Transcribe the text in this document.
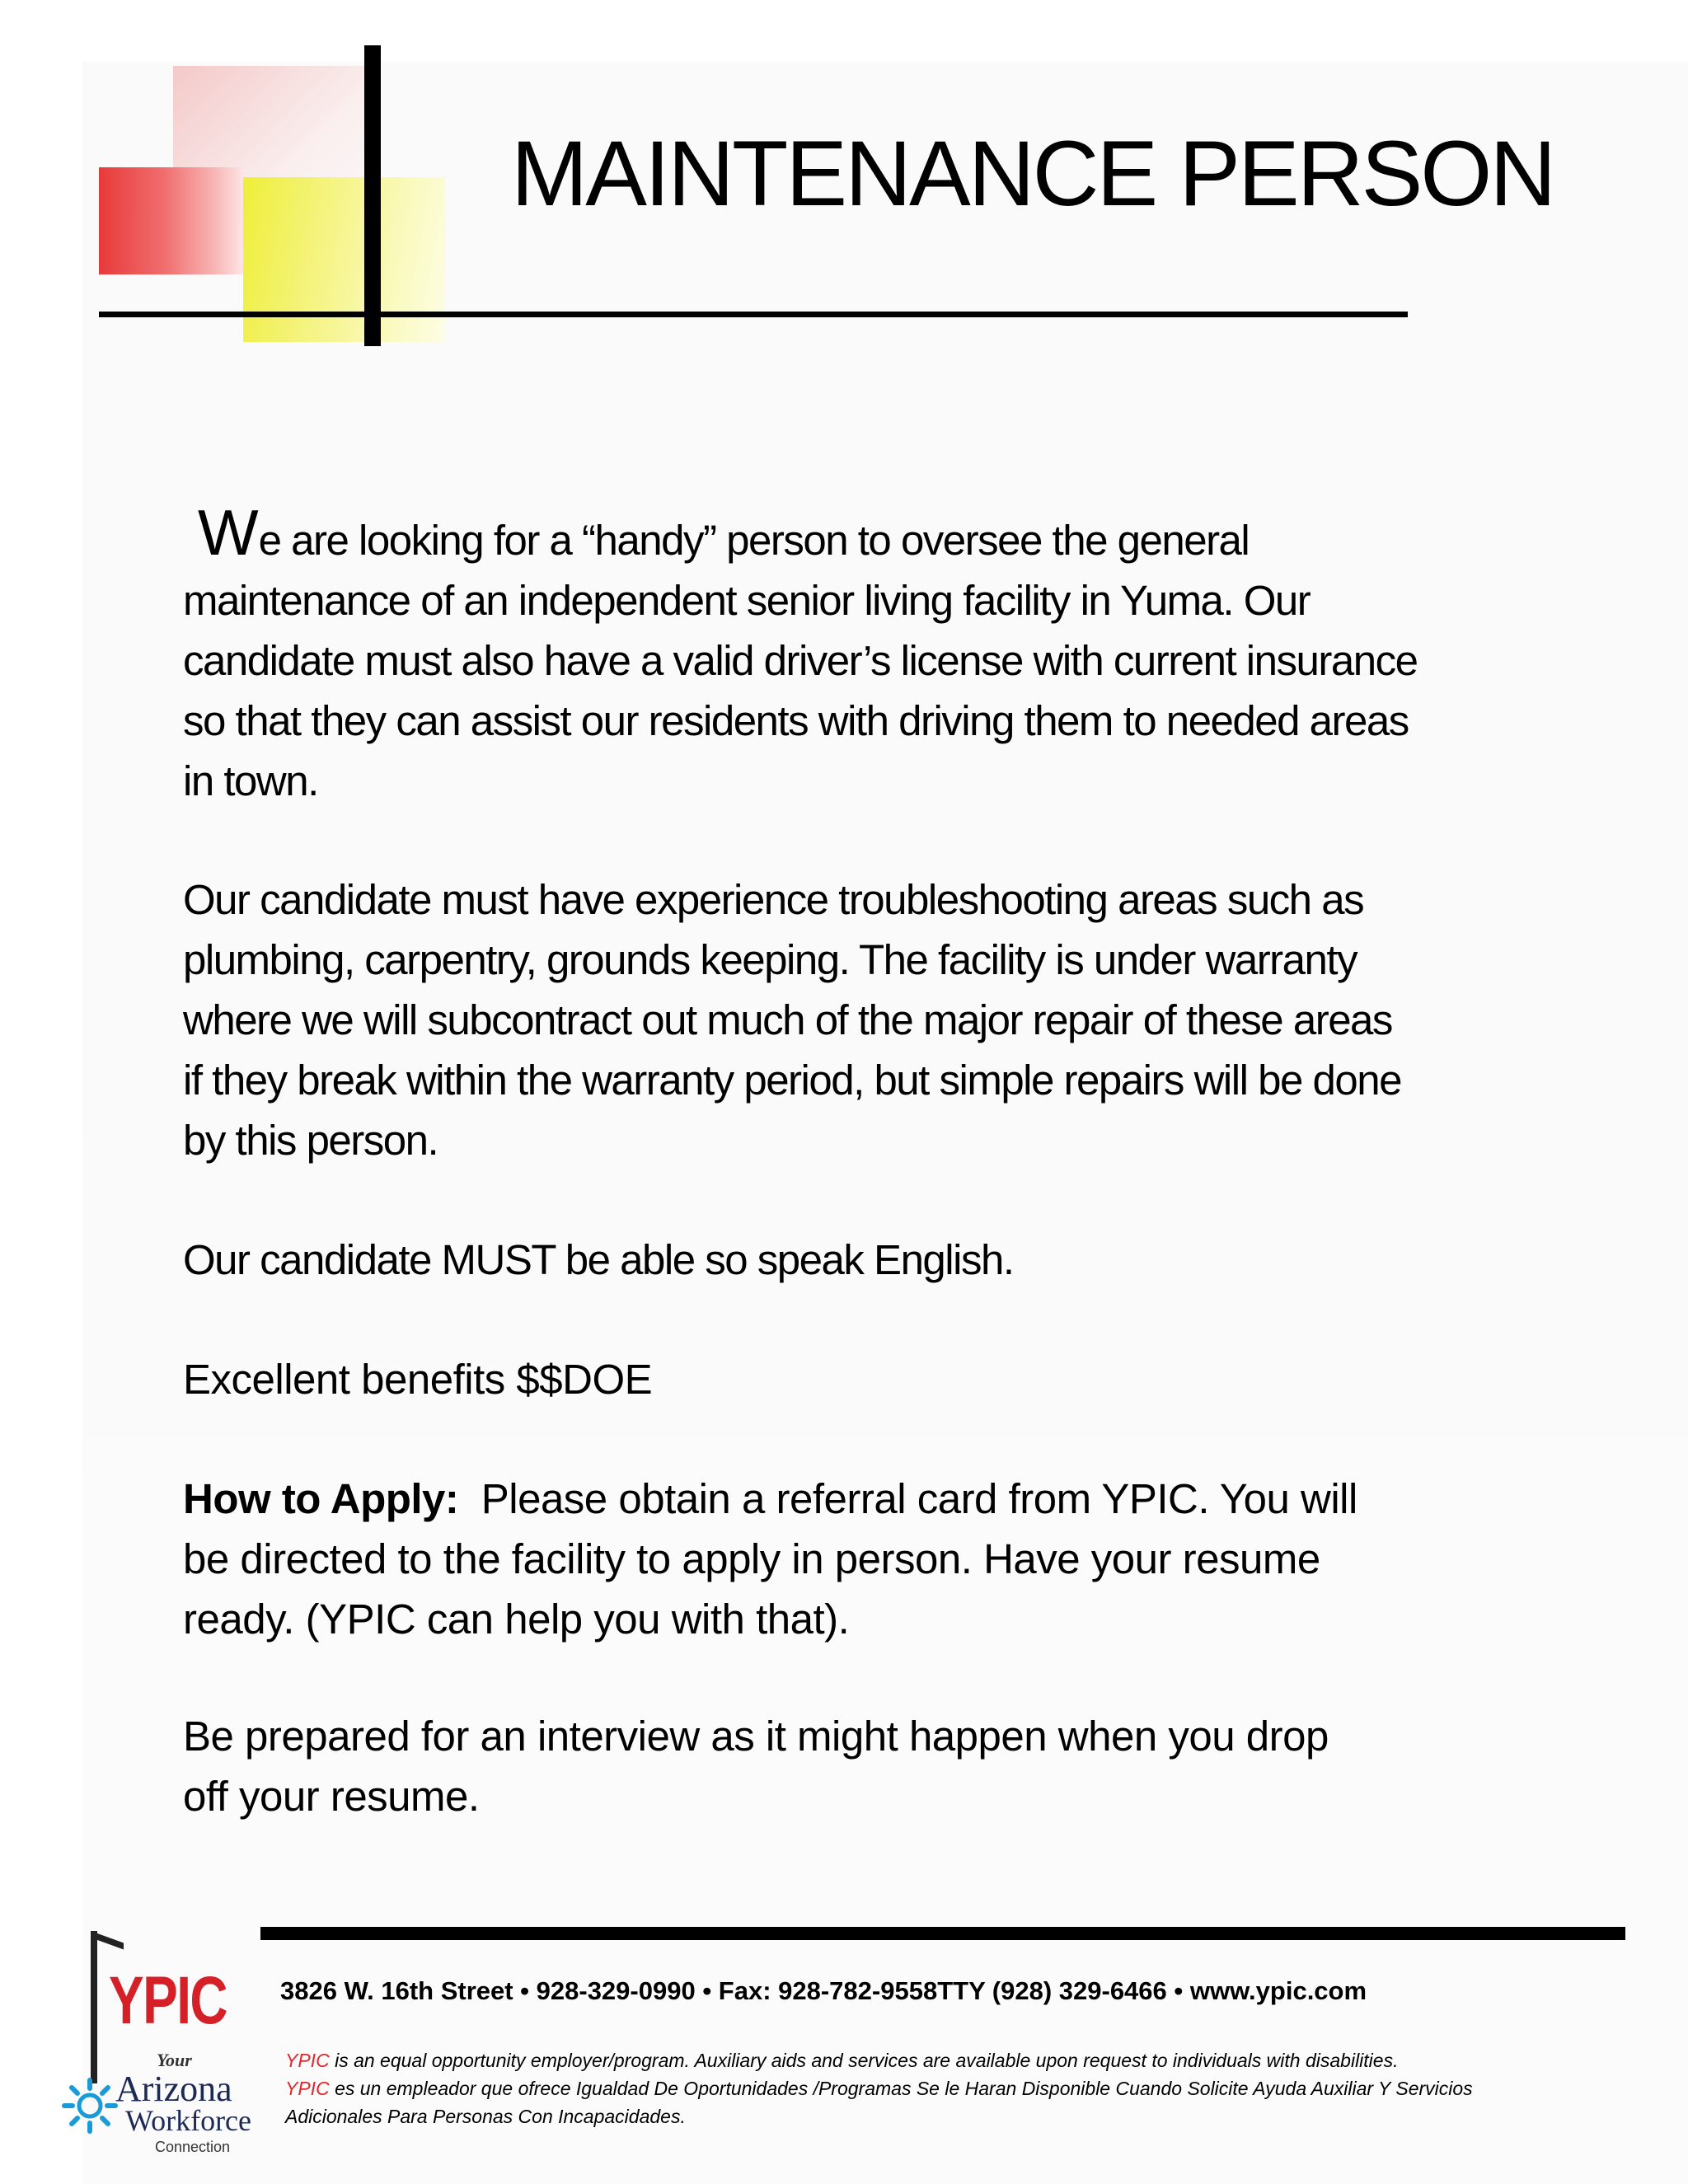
MAINTENANCE PERSON
We are looking for a “handy” person to oversee the general
maintenance of an independent senior living facility in Yuma. Our
candidate must also have a valid driver’s license with current insurance
so that they can assist our residents with driving them to needed areas
in town.
Our candidate must have experience troubleshooting areas such as
plumbing, carpentry, grounds keeping. The facility is under warranty
where we will subcontract out much of the major repair of these areas
if they break within the warranty period, but simple repairs will be done
by this person.
Our candidate MUST be able so speak English.
Excellent benefits $$DOE
How to Apply:  Please obtain a referral card from YPIC. You will
be directed to the facility to apply in person. Have your resume
ready. (YPIC can help you with that).
Be prepared for an interview as it might happen when you drop
off your resume.
YPIC
Your
Arizona
Workforce
Connection
3826 W. 16th Street • 928-329-0990 • Fax: 928-782-9558TTY (928) 329-6466 • www.ypic.com
YPIC is an equal opportunity employer/program. Auxiliary aids and services are available upon request to individuals with disabilities.
YPIC es un empleador que ofrece Igualdad De Oportunidades /Programas Se le Haran Disponible Cuando Solicite Ayuda Auxiliar Y Servicios
Adicionales Para Personas Con Incapacidades.
